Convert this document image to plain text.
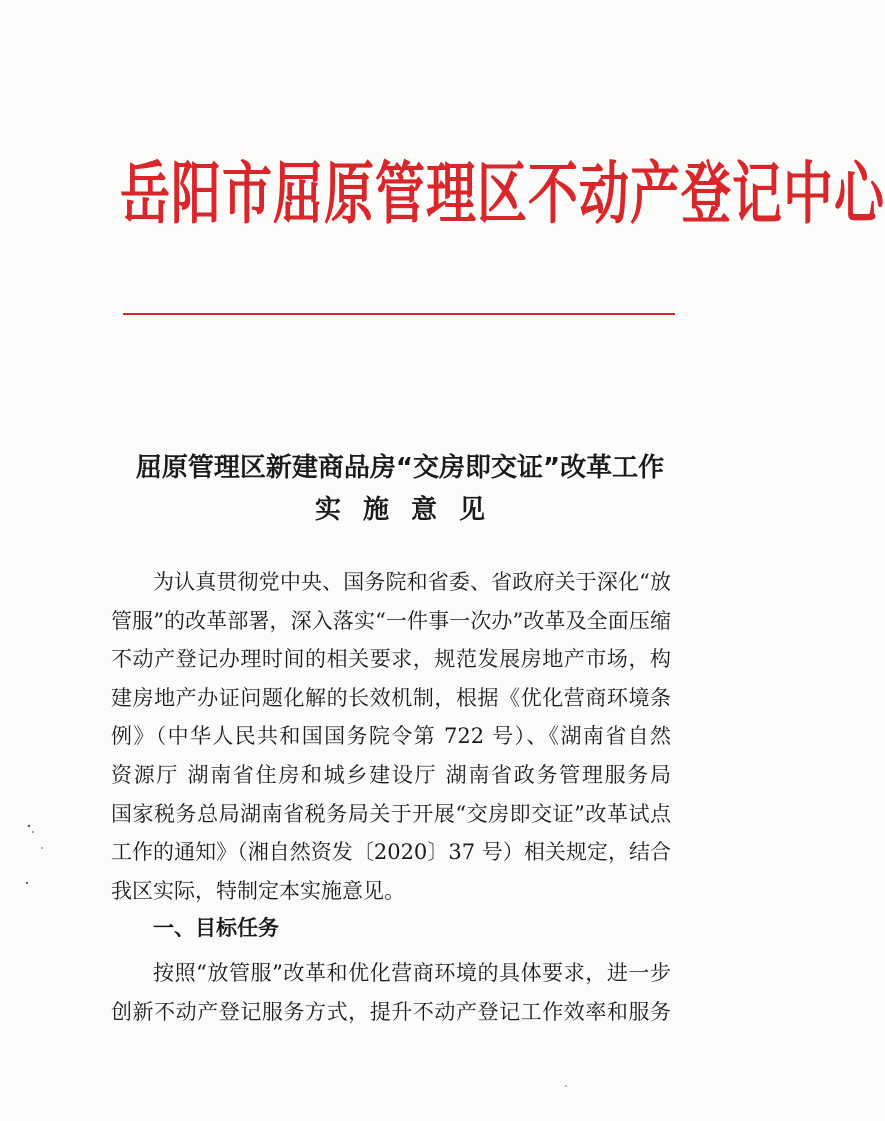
岳阳市屈原管理区不动产登记中心
屈原管理区新建商品房“交房即交证”改革工作
实施意见
为认真贯彻党中央、国务院和省委、省政府关于深化“放
管服”的改革部署，深入落实“一件事一次办”改革及全面压缩
不动产登记办理时间的相关要求，规范发展房地产市场，构
建房地产办证问题化解的长效机制，根据《优化营商环境条
例》（中华人民共和国国务院令第 722 号）、《湖南省自然
资源厅 湖南省住房和城乡建设厅 湖南省政务管理服务局
国家税务总局湖南省税务局关于开展“交房即交证”改革试点
工作的通知》（湘自然资发〔2020〕37 号）相关规定，结合
我区实际，特制定本实施意见。
一、目标任务
按照“放管服”改革和优化营商环境的具体要求，进一步
创新不动产登记服务方式，提升不动产登记工作效率和服务
